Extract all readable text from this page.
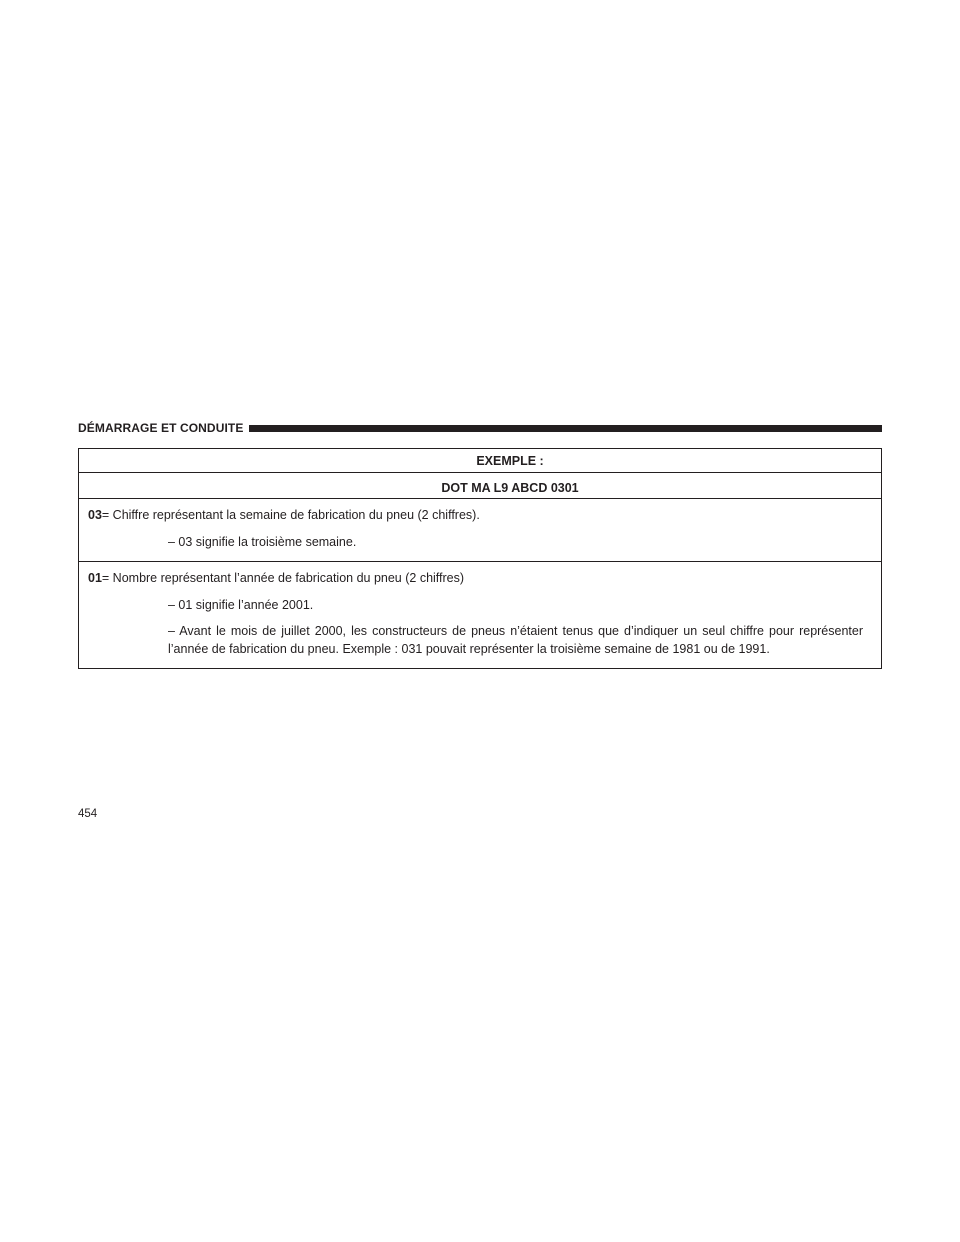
DÉMARRAGE ET CONDUITE
EXEMPLE :
DOT MA L9 ABCD 0301

03= Chiffre représentant la semaine de fabrication du pneu (2 chiffres).

– 03 signifie la troisième semaine.

01= Nombre représentant l’année de fabrication du pneu (2 chiffres)

– 01 signifie l’année 2001.

– Avant le mois de juillet 2000, les constructeurs de pneus n’étaient tenus que d’indiquer un seul chiffre pour représenter l’année de fabrication du pneu. Exemple : 031 pouvait représenter la troisième semaine de 1981 ou de 1991.

454
